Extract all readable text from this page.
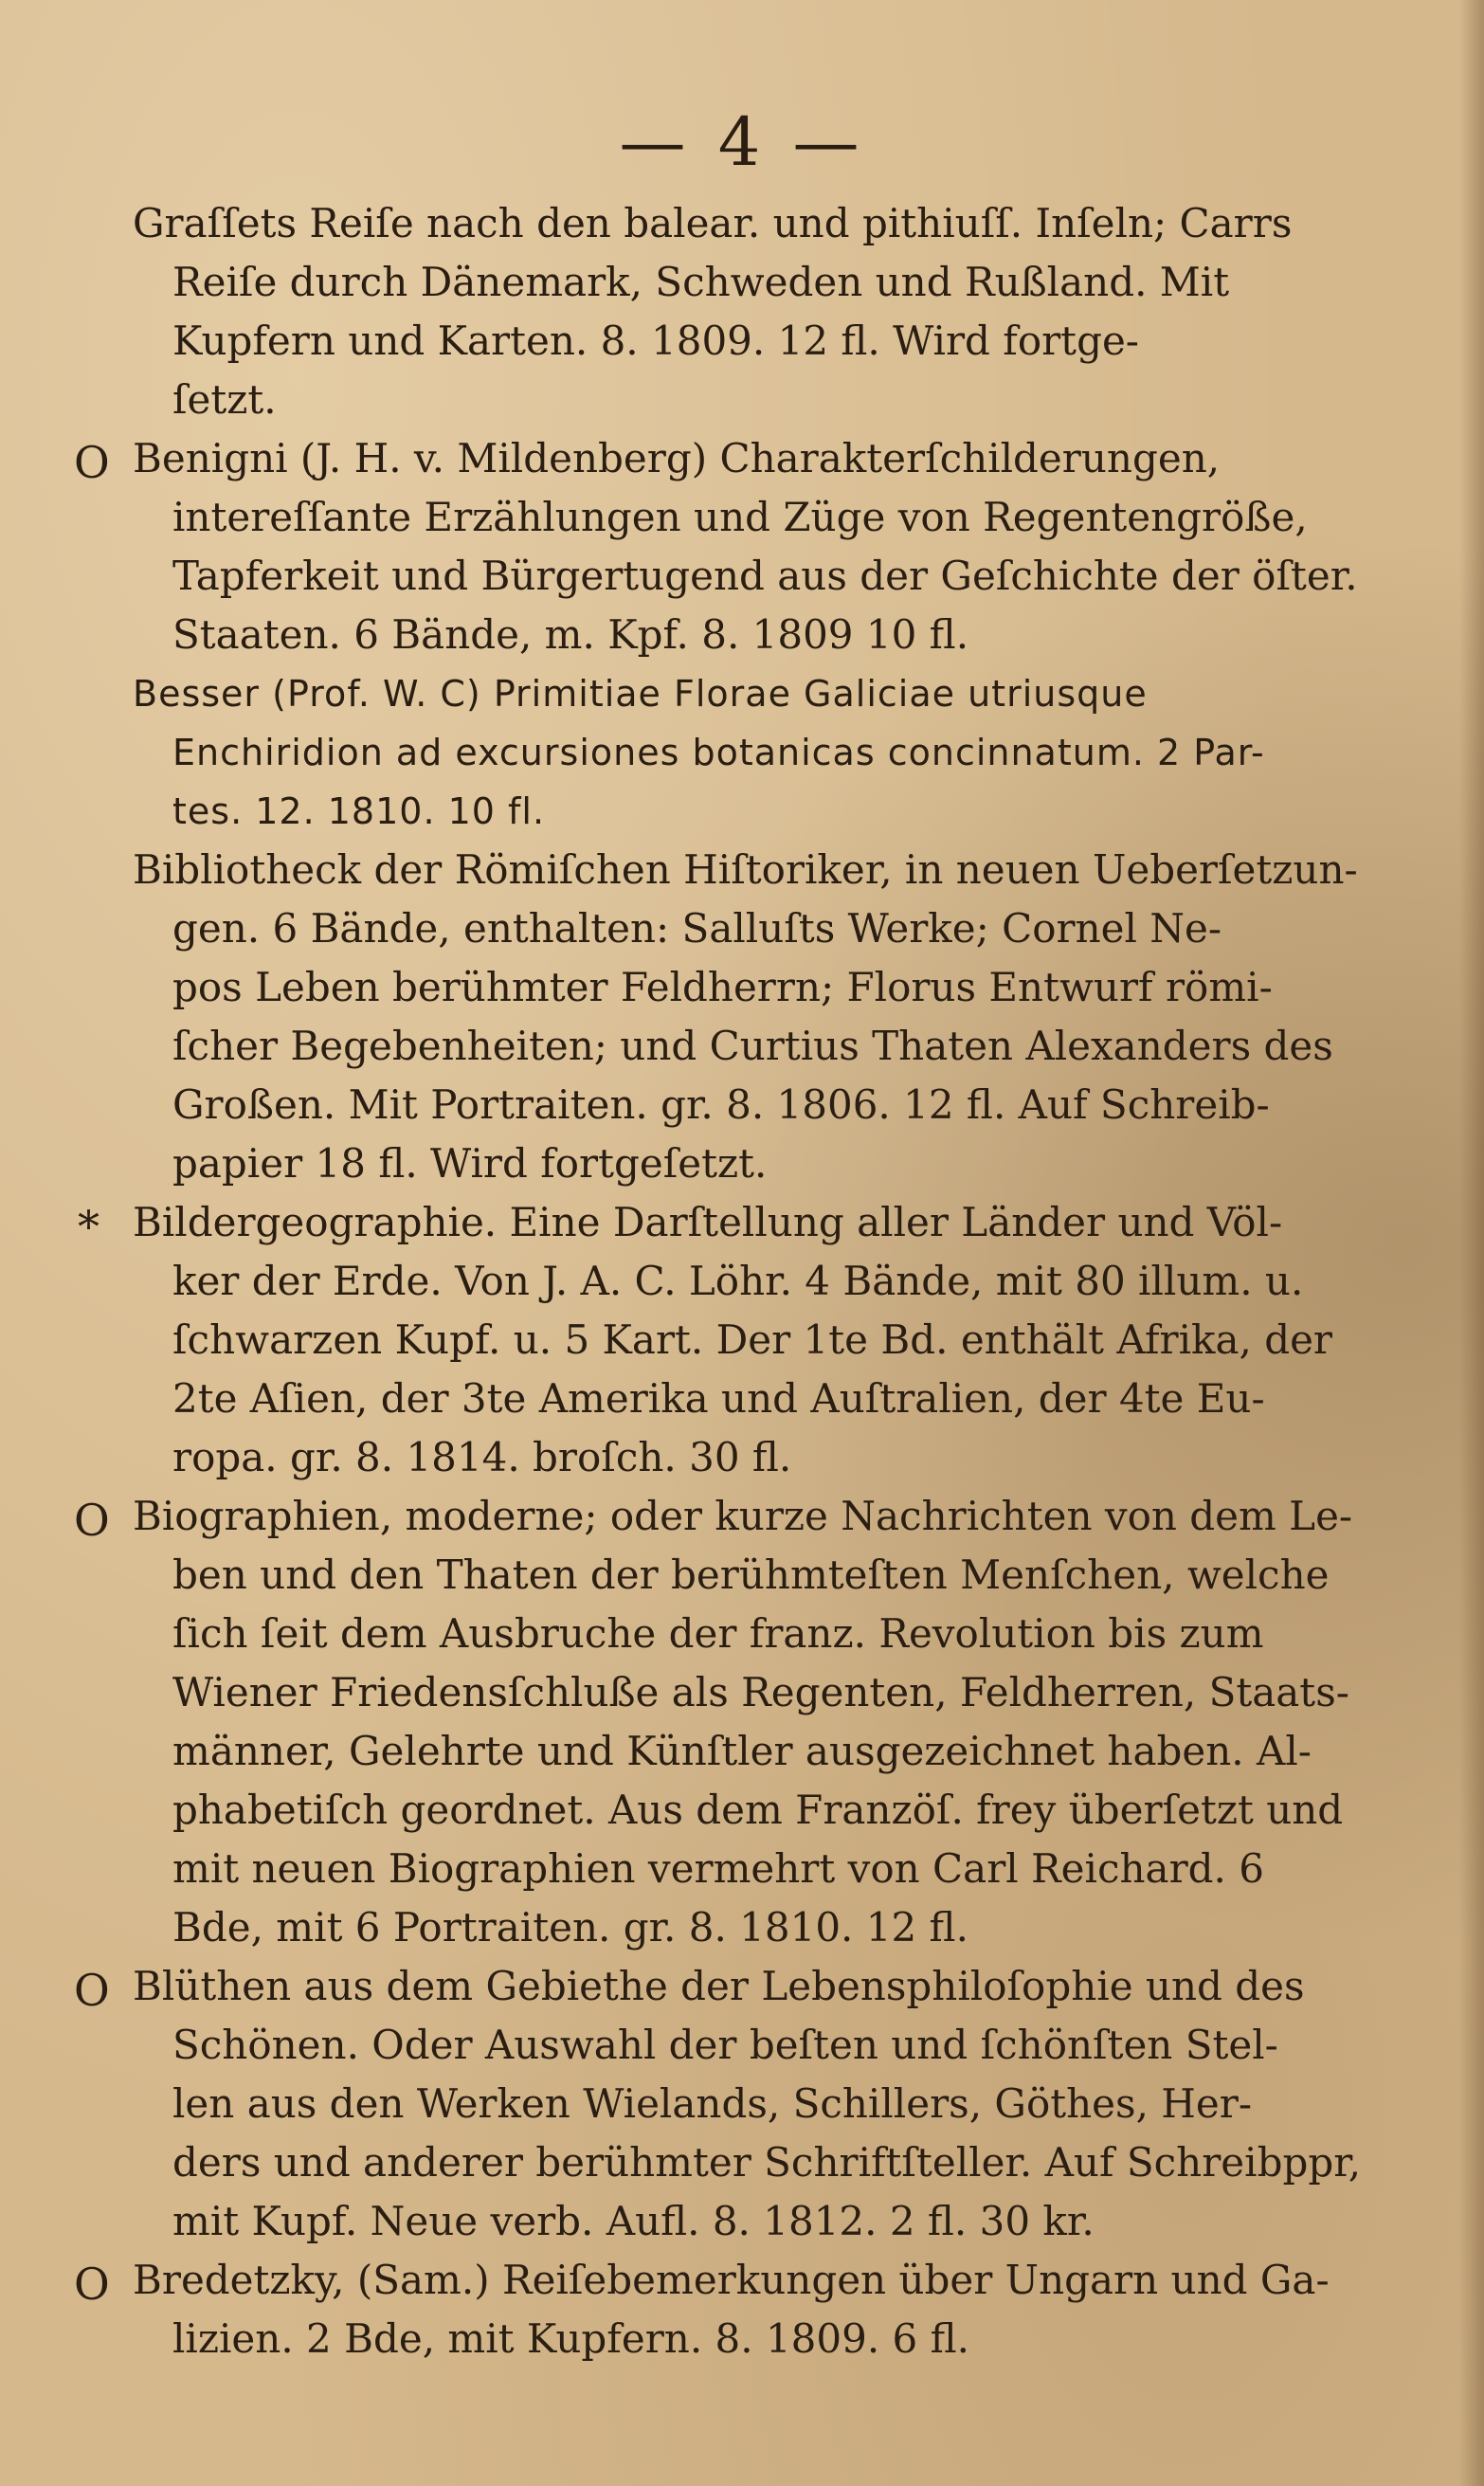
— 4 —
Graſſets Reiſe nach den balear. und pithiuſſ. Inſeln; Carrs
Reiſe durch Dänemark, Schweden und Rußland. Mit
Kupfern und Karten. 8. 1809. 12 fl. Wird fortge-
ſetzt.
O Benigni (J. H. v. Mildenberg) Charakterſchilderungen,
intereſſante Erzählungen und Züge von Regentengröße,
Tapferkeit und Bürgertugend aus der Geſchichte der öſter.
Staaten. 6 Bände, m. Kpf. 8. 1809 10 fl.
Besser (Prof. W. C) Primitiae Florae Galiciae utriusque
Enchiridion ad excursiones botanicas concinnatum. 2 Par-
tes. 12. 1810. 10 fl.
Bibliotheck der Römiſchen Hiſtoriker, in neuen Ueberſetzun-
gen. 6 Bände, enthalten: Salluſts Werke; Cornel Ne-
pos Leben berühmter Feldherrn; Florus Entwurf römi-
ſcher Begebenheiten; und Curtius Thaten Alexanders des
Großen. Mit Portraiten. gr. 8. 1806. 12 fl. Auf Schreib-
papier 18 fl. Wird fortgeſetzt.
* Bildergeographie. Eine Darſtellung aller Länder und Völ-
ker der Erde. Von J. A. C. Löhr. 4 Bände, mit 80 illum. u.
ſchwarzen Kupf. u. 5 Kart. Der 1te Bd. enthält Afrika, der
2te Aſien, der 3te Amerika und Auſtralien, der 4te Eu-
ropa. gr. 8. 1814. broſch. 30 fl.
O Biographien, moderne; oder kurze Nachrichten von dem Le-
ben und den Thaten der berühmteſten Menſchen, welche
ſich ſeit dem Ausbruche der franz. Revolution bis zum
Wiener Friedensſchluße als Regenten, Feldherren, Staats-
männer, Gelehrte und Künſtler ausgezeichnet haben. Al-
phabetiſch geordnet. Aus dem Franzöſ. frey überſetzt und
mit neuen Biographien vermehrt von Carl Reichard. 6
Bde, mit 6 Portraiten. gr. 8. 1810. 12 fl.
O Blüthen aus dem Gebiethe der Lebensphiloſophie und des
Schönen. Oder Auswahl der beſten und ſchönſten Stel-
len aus den Werken Wielands, Schillers, Göthes, Her-
ders und anderer berühmter Schriftſteller. Auf Schreibppr,
mit Kupf. Neue verb. Aufl. 8. 1812. 2 fl. 30 kr.
O Bredetzky, (Sam.) Reiſebemerkungen über Ungarn und Ga-
lizien. 2 Bde, mit Kupfern. 8. 1809. 6 fl.
